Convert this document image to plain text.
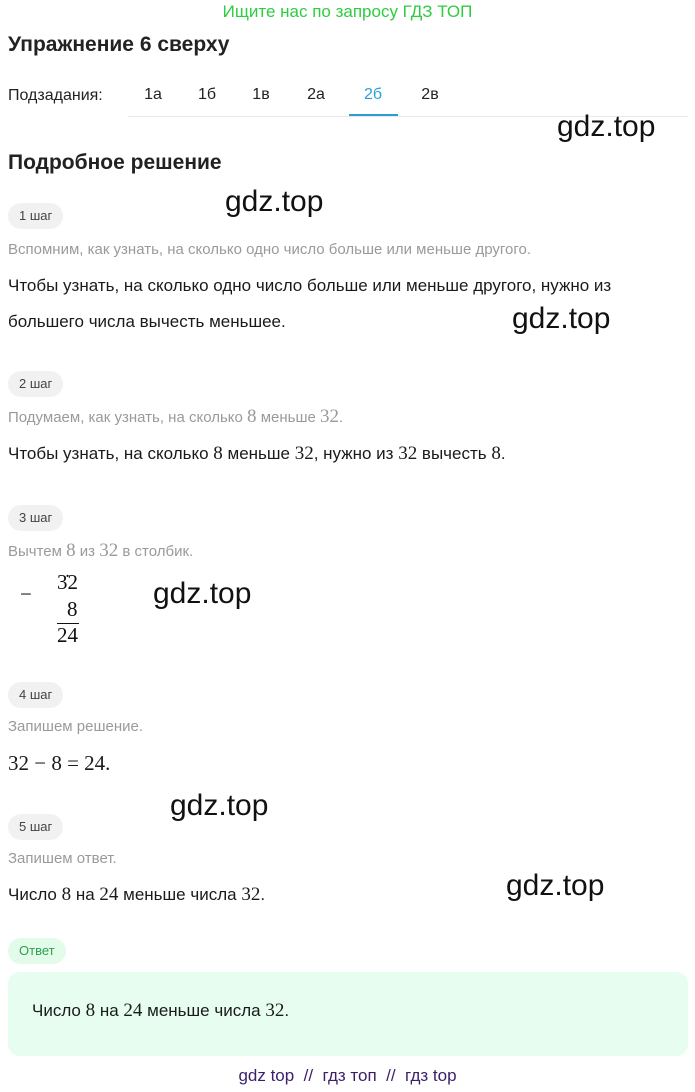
Ищите нас по запросу ГДЗ ТОП
Упражнение 6 сверху
Подзадания:	1а	1б	1в	2а	2б	2в
gdz.top
gdz.top
gdz.top
gdz.top
gdz.top
gdz.top
Подробное решение
1 шаг
Вспомним, как узнать, на сколько одно число больше или меньше другого.
Чтобы узнать, на сколько одно число больше или меньше другого, нужно из
большего числа вычесть меньшее.
2 шаг
Подумаем, как узнать, на сколько 8 меньше 32.
Чтобы узнать, на сколько 8 меньше 32, нужно из 32 вычесть 8.
3 шаг
Вычтем 8 из 32 в столбик.
− 3̇2
8
24
4 шаг
Запишем решение.
32 − 8 = 24.
5 шаг
Запишем ответ.
Число 8 на 24 меньше числа 32.
Ответ
Число 8 на 24 меньше числа 32.
gdz top  //  гдз топ  //  гдз top
